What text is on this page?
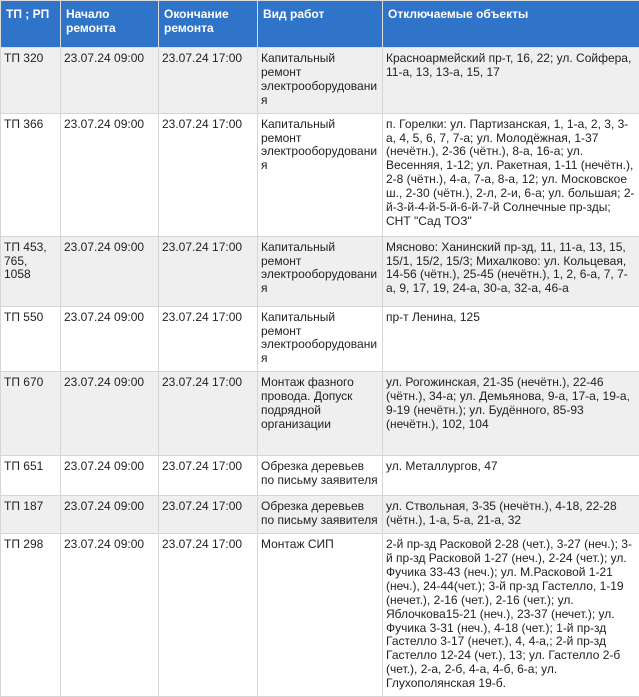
ТП ; РП	Начало ремонта	Окончание ремонта	Вид работ	Отключаемые объекты
ТП 320	23.07.24 09:00	23.07.24 17:00	Капитальный ремонт электрооборудования	Красноармейский пр-т, 16, 22; ул. Сойфера, 11-а, 13, 13-а, 15, 17
ТП 366	23.07.24 09:00	23.07.24 17:00	Капитальный ремонт электрооборудования	п. Горелки: ул. Партизанская, 1, 1-а, 2, 3, 3-а, 4, 5, 6, 7, 7-а; ул. Молодёжная, 1-37 (нечётн.), 2-36 (чётн.), 8-а, 16-а; ул. Весенняя, 1-12; ул. Ракетная, 1-11 (нечётн.), 2-8 (чётн.), 4-а, 7-а, 8-а, 12; ул. Московское ш., 2-30 (чётн.), 2-л, 2-и, 6-а; ул. большая; 2-й-3-й-4-й-5-й-6-й-7-й Солнечные пр-зды; СНТ "Сад ТОЗ"
ТП 453, 765, 1058	23.07.24 09:00	23.07.24 17:00	Капитальный ремонт электрооборудования	Мясново: Ханинский пр-зд, 11, 11-а, 13, 15, 15/1, 15/2, 15/3; Михалково: ул. Кольцевая, 14-56 (чётн.), 25-45 (нечётн.), 1, 2, 6-а, 7, 7-а, 9, 17, 19, 24-а, 30-а, 32-а, 46-а
ТП 550	23.07.24 09:00	23.07.24 17:00	Капитальный ремонт электрооборудования	пр-т Ленина, 125
ТП 670	23.07.24 09:00	23.07.24 17:00	Монтаж фазного провода. Допуск подрядной организации	ул. Рогожинская, 21-35 (нечётн.), 22-46 (чётн.), 34-а; ул. Демьянова, 9-а, 17-а, 19-а, 9-19 (нечётн.); ул. Будённого, 85-93 (нечётн.), 102, 104
ТП 651	23.07.24 09:00	23.07.24 17:00	Обрезка деревьев по письму заявителя	ул. Металлургов, 47
ТП 187	23.07.24 09:00	23.07.24 17:00	Обрезка деревьев по письму заявителя	ул. Ствольная, 3-35 (нечётн.), 4-18, 22-28 (чётн.), 1-а, 5-а, 21-а, 32
ТП 298	23.07.24 09:00	23.07.24 17:00	Монтаж СИП	2-й пр-зд Расковой 2-28 (чет.), 3-27 (неч.); 3-й пр-зд Расковой 1-27 (неч.), 2-24 (чет.); ул. Фучика 33-43 (неч.); ул. М.Расковой 1-21 (неч.), 24-44(чет.); 3-й пр-зд Гастелло, 1-19 (нечет.), 2-16 (чет.), 2-16 (чет.); ул. Яблочкова15-21 (неч.), 23-37 (нечет.); ул. Фучика 3-31 (неч.), 4-18 (чет.); 1-й пр-зд Гастелло 3-17 (нечет.), 4, 4-а,; 2-й пр-зд Гастелло 12-24 (чет.), 13; ул. Гастелло 2-б (чет.), 2-а, 2-б, 4-а, 4-б, 6-а; ул. Глухополянская 19-б.
